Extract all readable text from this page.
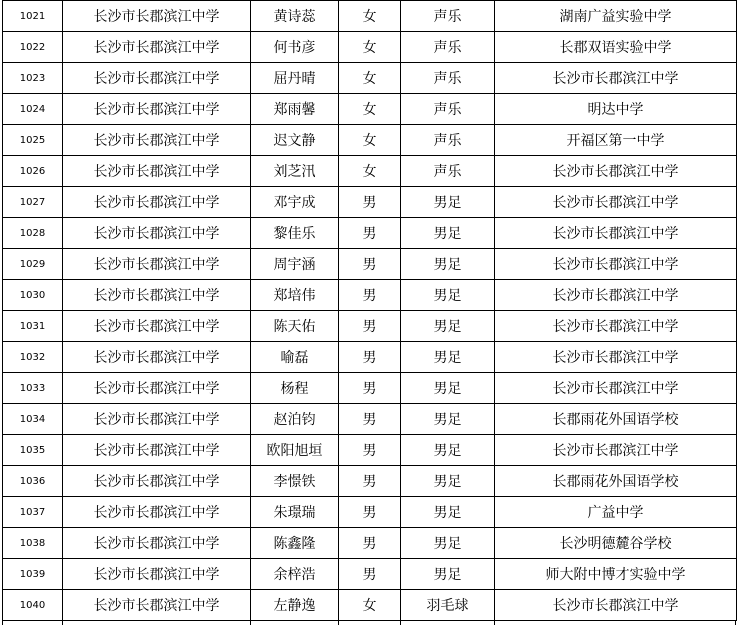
1021	长沙市长郡滨江中学	黄诗蕊	女	声乐	湖南广益实验中学
1022	长沙市长郡滨江中学	何书彦	女	声乐	长郡双语实验中学
1023	长沙市长郡滨江中学	屈丹晴	女	声乐	长沙市长郡滨江中学
1024	长沙市长郡滨江中学	郑雨馨	女	声乐	明达中学
1025	长沙市长郡滨江中学	迟文静	女	声乐	开福区第一中学
1026	长沙市长郡滨江中学	刘芝汛	女	声乐	长沙市长郡滨江中学
1027	长沙市长郡滨江中学	邓宇成	男	男足	长沙市长郡滨江中学
1028	长沙市长郡滨江中学	黎佳乐	男	男足	长沙市长郡滨江中学
1029	长沙市长郡滨江中学	周宇涵	男	男足	长沙市长郡滨江中学
1030	长沙市长郡滨江中学	郑培伟	男	男足	长沙市长郡滨江中学
1031	长沙市长郡滨江中学	陈天佑	男	男足	长沙市长郡滨江中学
1032	长沙市长郡滨江中学	喻磊	男	男足	长沙市长郡滨江中学
1033	长沙市长郡滨江中学	杨程	男	男足	长沙市长郡滨江中学
1034	长沙市长郡滨江中学	赵泊钧	男	男足	长郡雨花外国语学校
1035	长沙市长郡滨江中学	欧阳旭垣	男	男足	长沙市长郡滨江中学
1036	长沙市长郡滨江中学	李憬铁	男	男足	长郡雨花外国语学校
1037	长沙市长郡滨江中学	朱璟瑞	男	男足	广益中学
1038	长沙市长郡滨江中学	陈鑫隆	男	男足	长沙明德麓谷学校
1039	长沙市长郡滨江中学	余梓浩	男	男足	师大附中博才实验中学
1040	长沙市长郡滨江中学	左静逸	女	羽毛球	长沙市长郡滨江中学
